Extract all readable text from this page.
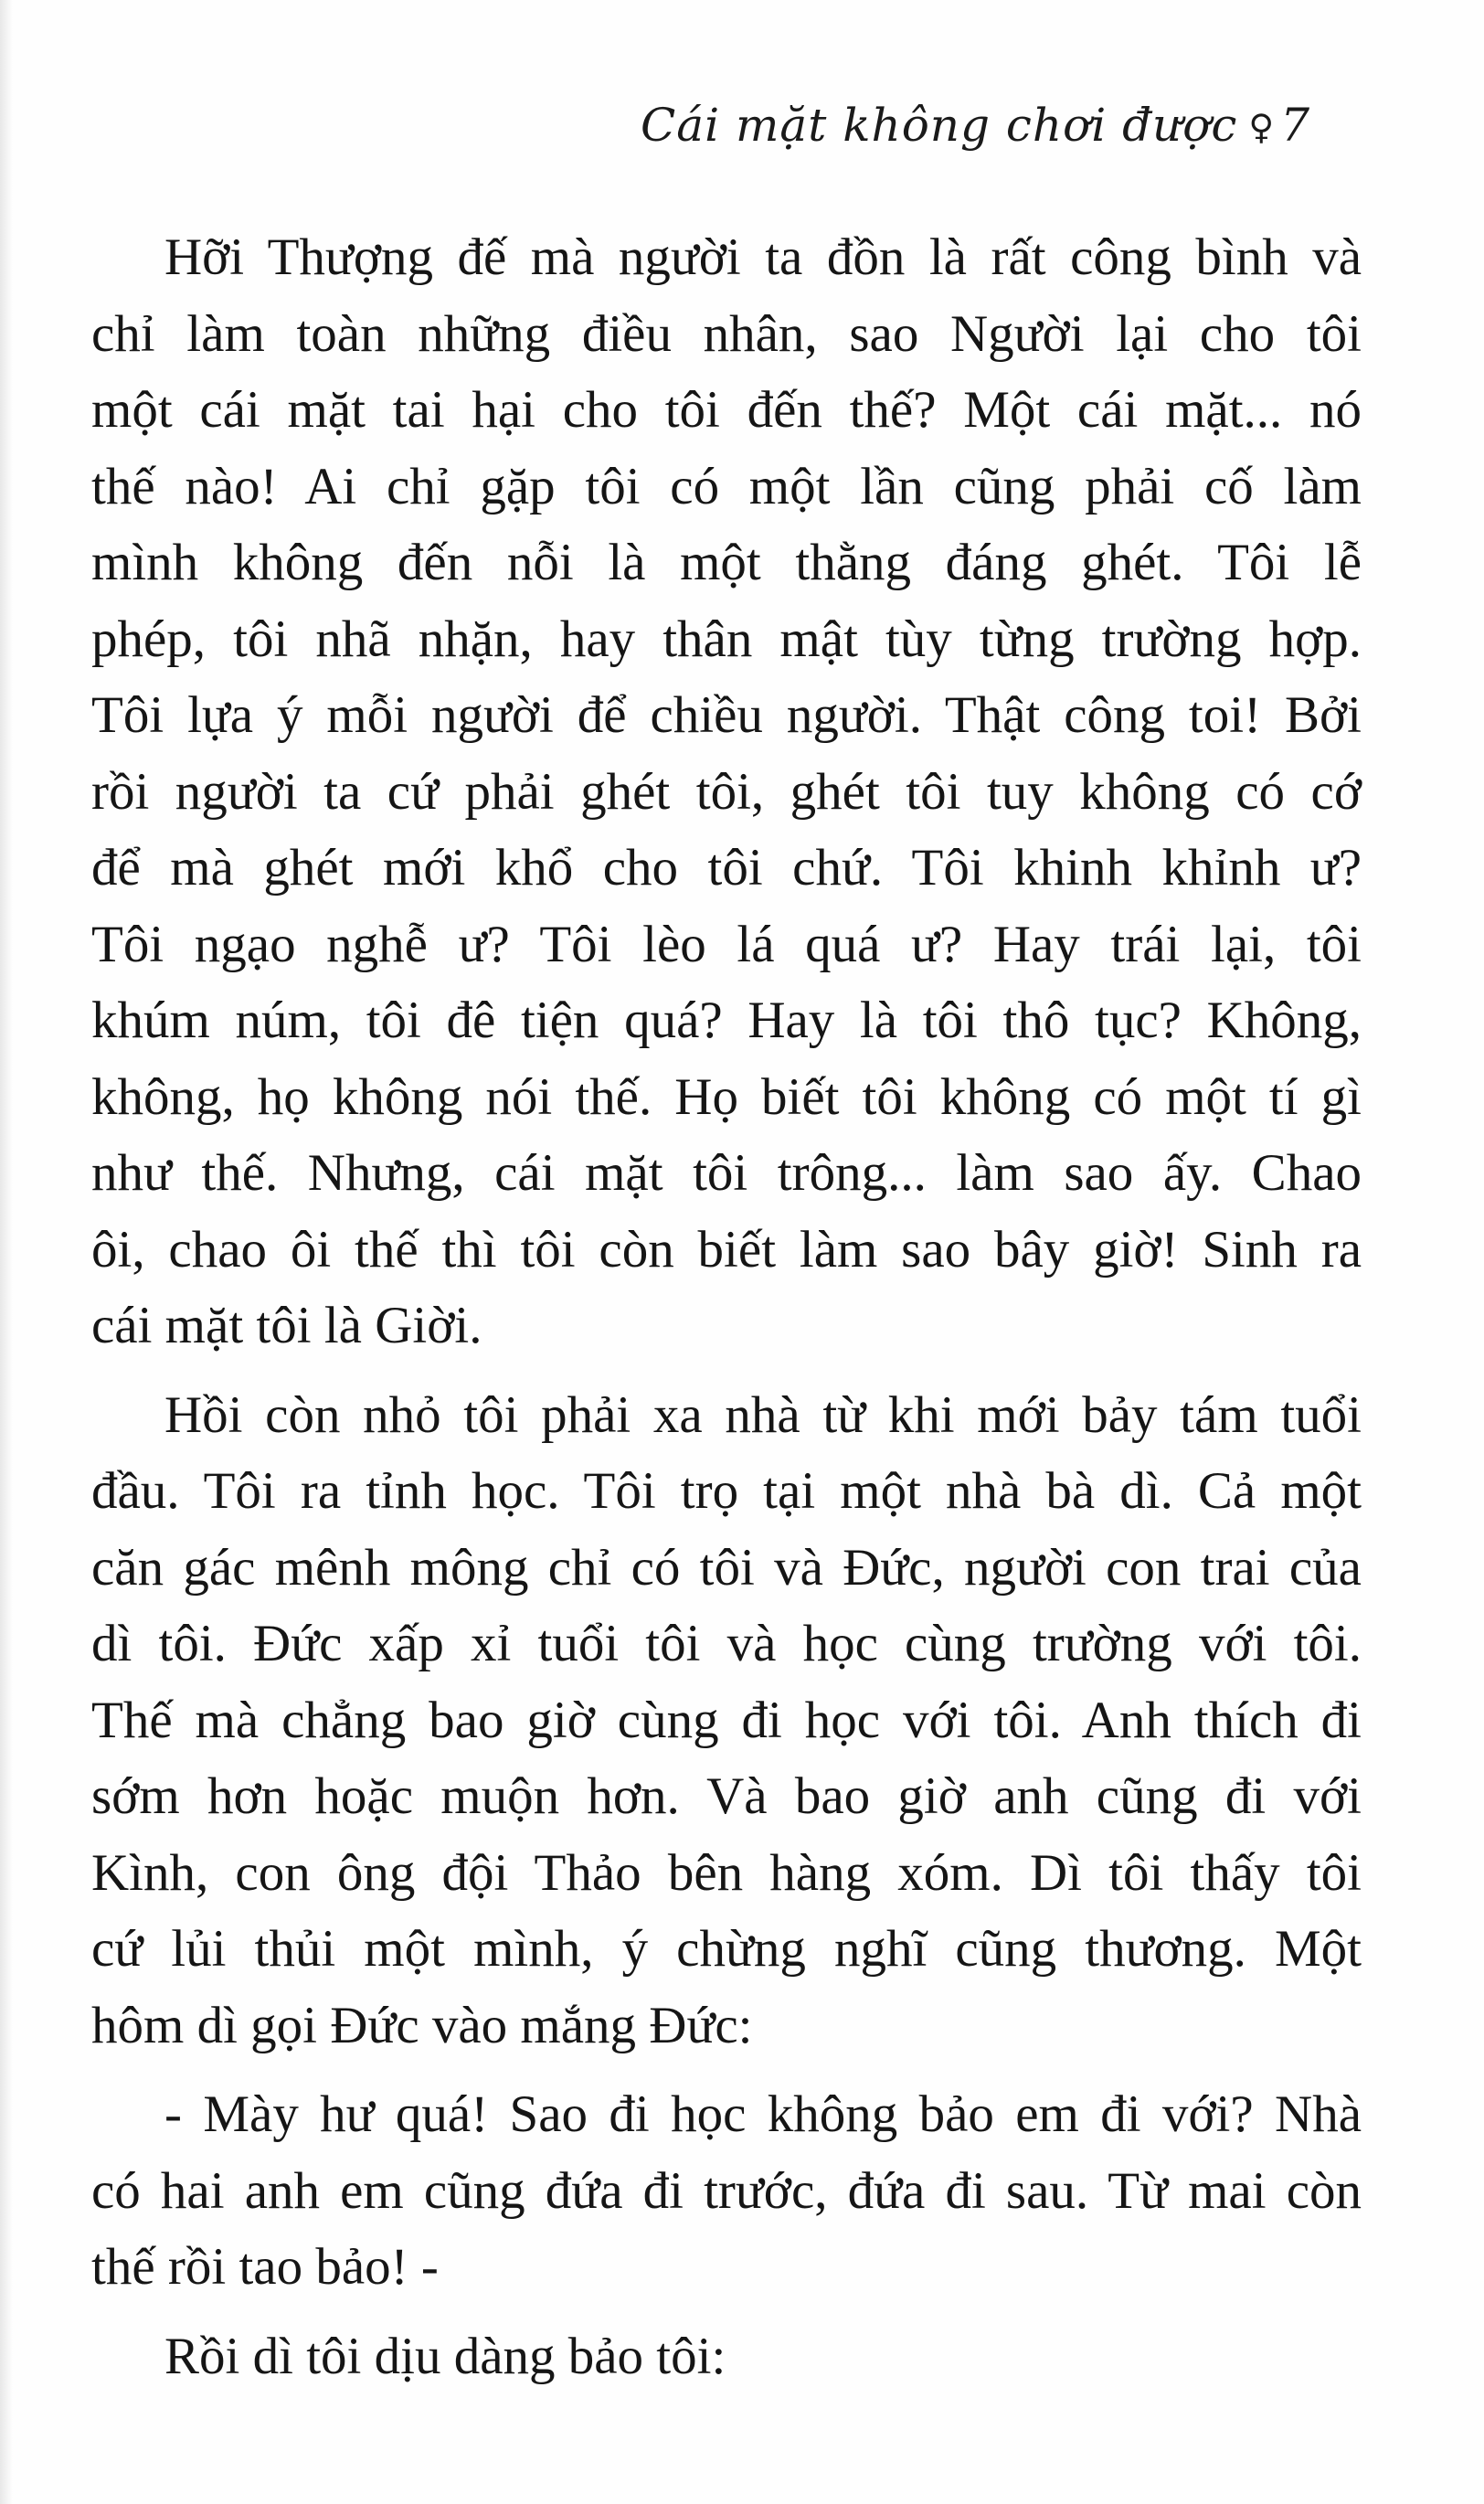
Cái mặt không chơi được ♀ 7
Hỡi Thượng đế mà người ta đồn là rất công bình và
chỉ làm toàn những điều nhân, sao Người lại cho tôi
một cái mặt tai hại cho tôi đến thế? Một cái mặt... nó
thế nào! Ai chỉ gặp tôi có một lần cũng phải cố làm
mình không đến nỗi là một thằng đáng ghét. Tôi lễ
phép, tôi nhã nhặn, hay thân mật tùy từng trường hợp.
Tôi lựa ý mỗi người để chiều người. Thật công toi! Bởi
rồi người ta cứ phải ghét tôi, ghét tôi tuy không có cớ
để mà ghét mới khổ cho tôi chứ. Tôi khinh khỉnh ư?
Tôi ngạo nghễ ư? Tôi lèo lá quá ư? Hay trái lại, tôi
khúm núm, tôi đê tiện quá? Hay là tôi thô tục? Không,
không, họ không nói thế. Họ biết tôi không có một tí gì
như thế. Nhưng, cái mặt tôi trông... làm sao ấy. Chao
ôi, chao ôi thế thì tôi còn biết làm sao bây giờ! Sinh ra
cái mặt tôi là Giời.
Hồi còn nhỏ tôi phải xa nhà từ khi mới bảy tám tuổi
đầu. Tôi ra tỉnh học. Tôi trọ tại một nhà bà dì. Cả một
căn gác mênh mông chỉ có tôi và Đức, người con trai của
dì tôi. Đức xấp xỉ tuổi tôi và học cùng trường với tôi.
Thế mà chẳng bao giờ cùng đi học với tôi. Anh thích đi
sớm hơn hoặc muộn hơn. Và bao giờ anh cũng đi với
Kình, con ông đội Thảo bên hàng xóm. Dì tôi thấy tôi
cứ lủi thủi một mình, ý chừng nghĩ cũng thương. Một
hôm dì gọi Đức vào mắng Đức:
- Mày hư quá! Sao đi học không bảo em đi với? Nhà
có hai anh em cũng đứa đi trước, đứa đi sau. Từ mai còn
thế rồi tao bảo! -
Rồi dì tôi dịu dàng bảo tôi:
